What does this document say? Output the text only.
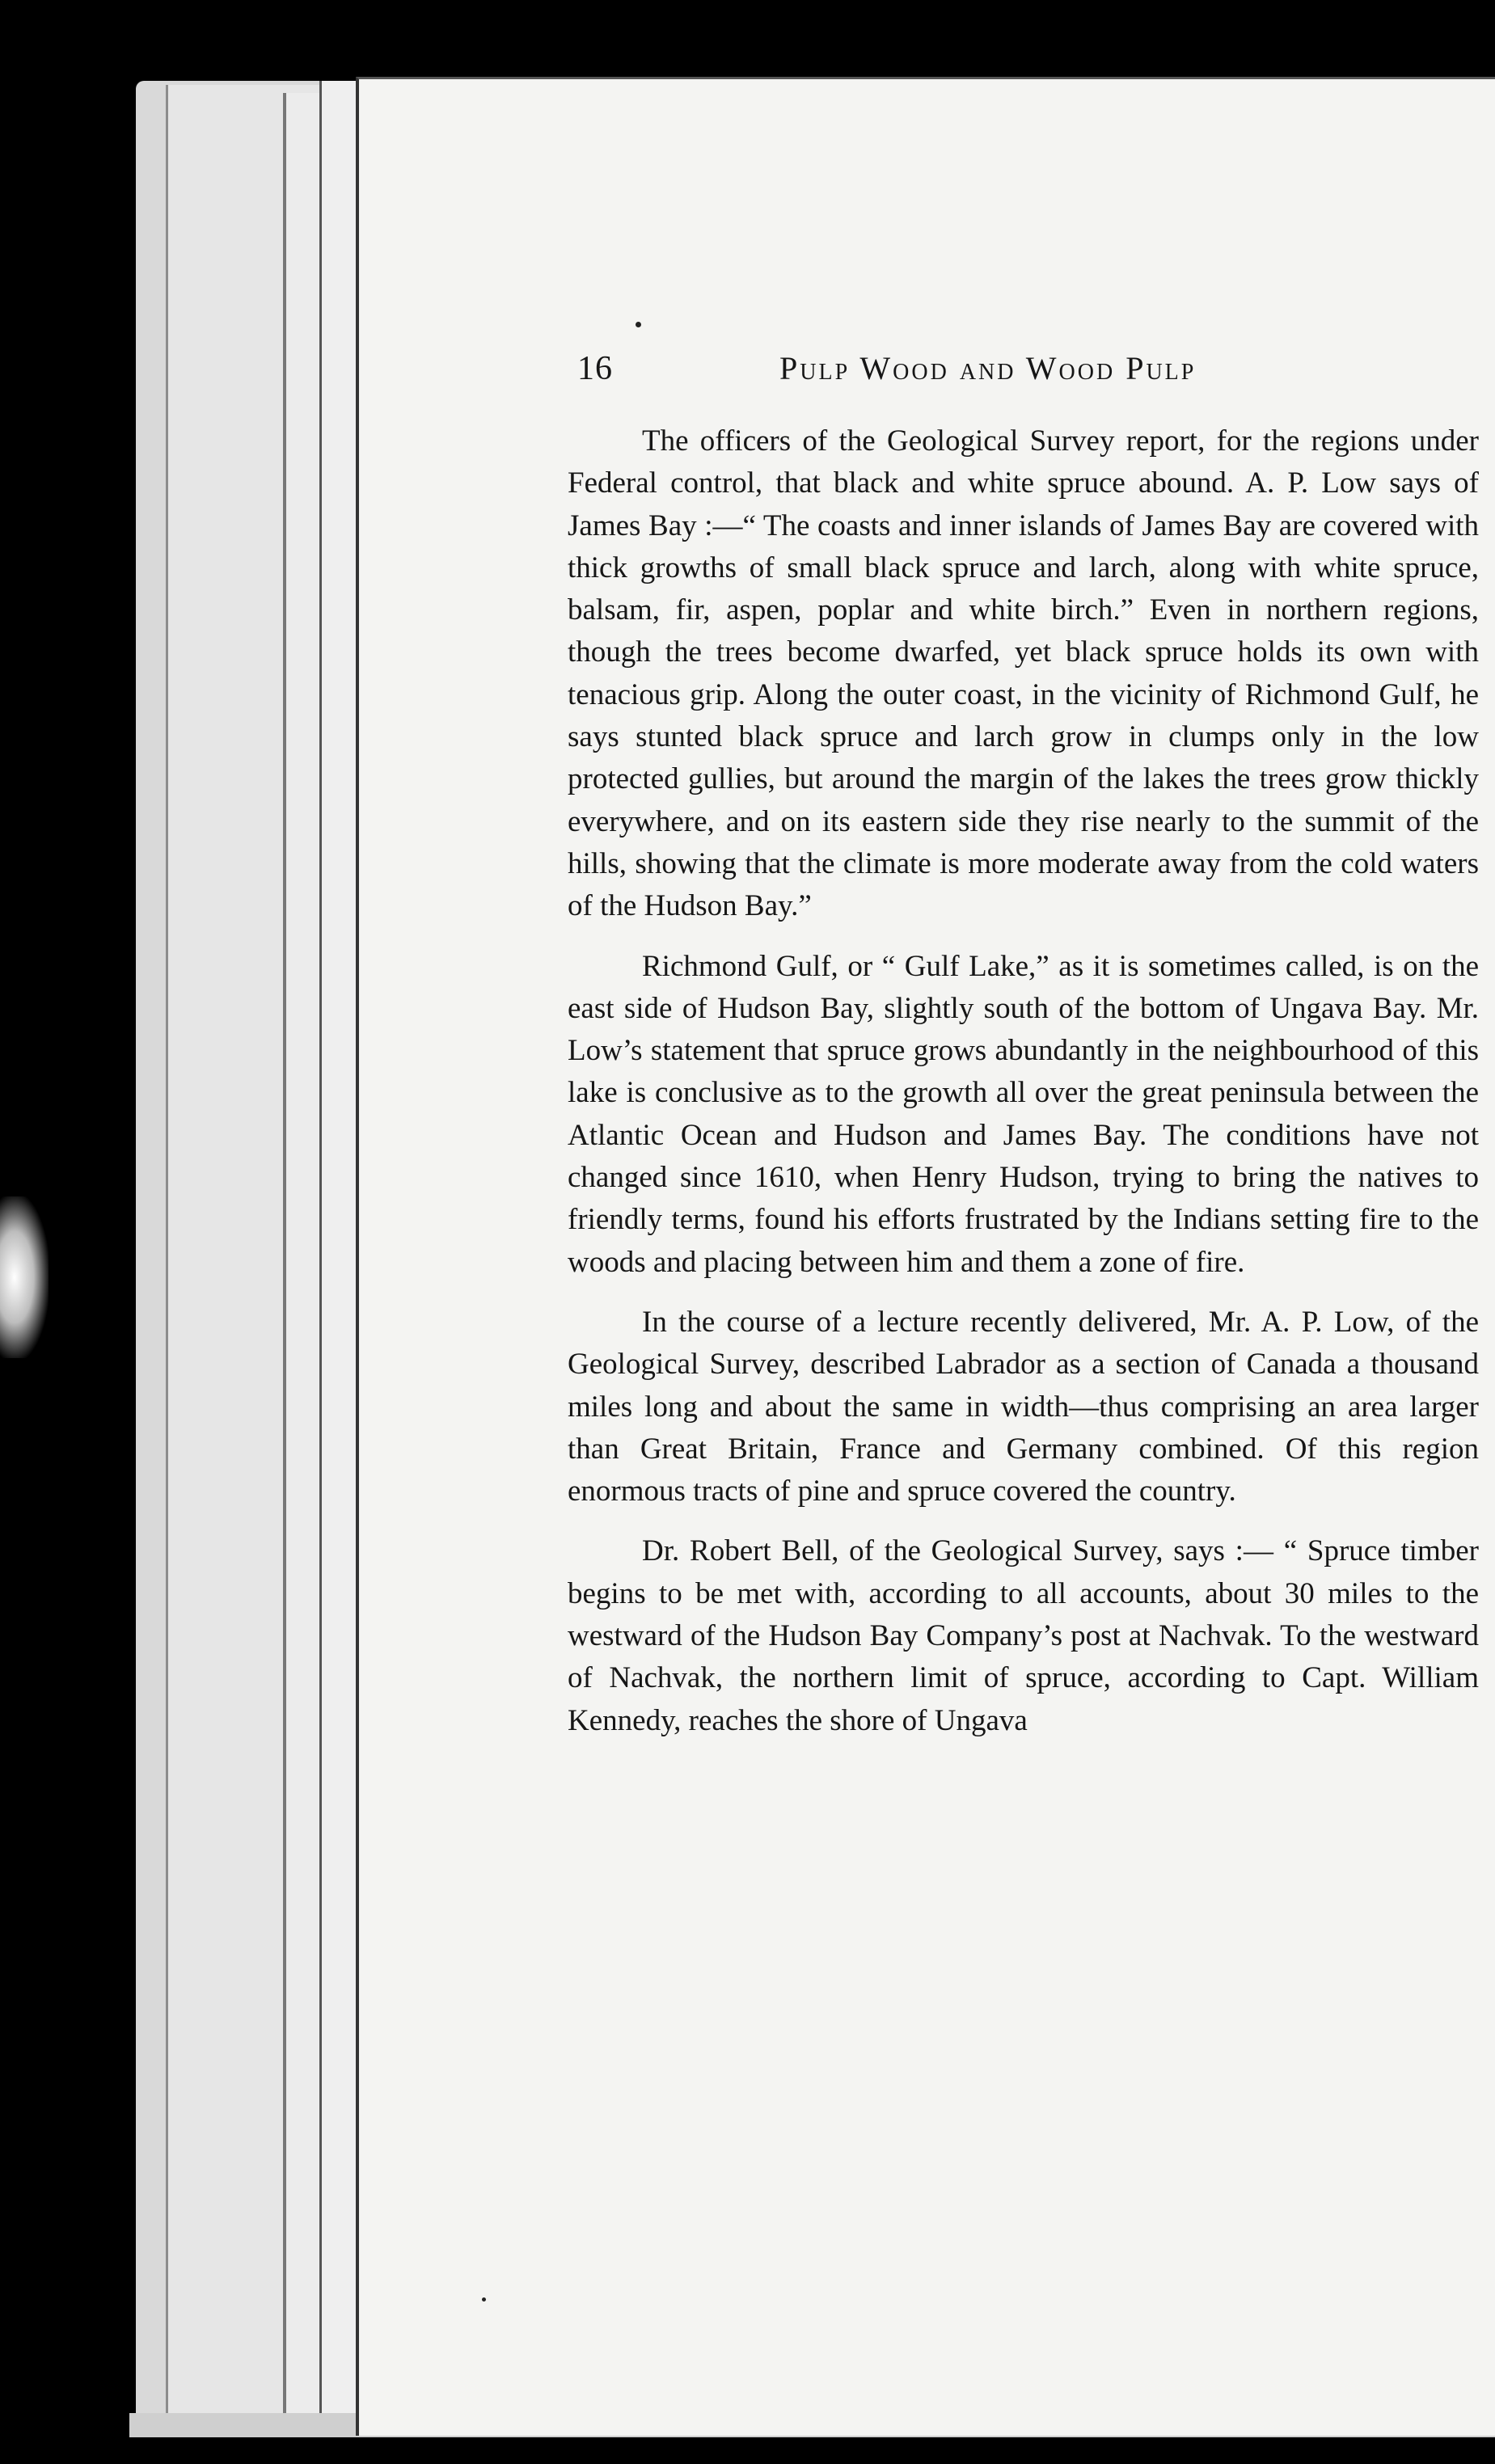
16	Pulp Wood and Wood Pulp

The officers of the Geological Survey report, for the regions under Federal control, that black and white spruce abound. A. P. Low says of James Bay :—“ The coasts and inner islands of James Bay are covered with thick growths of small black spruce and larch, along with white spruce, balsam, fir, aspen, poplar and white birch.” Even in northern regions, though the trees become dwarfed, yet black spruce holds its own with tenacious grip. Along the outer coast, in the vicinity of Richmond Gulf, he says stunted black spruce and larch grow in clumps only in the low protected gullies, but around the margin of the lakes the trees grow thickly everywhere, and on its eastern side they rise nearly to the summit of the hills, showing that the climate is more moderate away from the cold waters of the Hudson Bay.”

Richmond Gulf, or “ Gulf Lake,” as it is sometimes called, is on the east side of Hudson Bay, slightly south of the bottom of Ungava Bay. Mr. Low’s statement that spruce grows abundantly in the neighbourhood of this lake is conclusive as to the growth all over the great peninsula between the Atlantic Ocean and Hudson and James Bay. The conditions have not changed since 1610, when Henry Hudson, trying to bring the natives to friendly terms, found his efforts frustrated by the Indians setting fire to the woods and placing between him and them a zone of fire.

In the course of a lecture recently delivered, Mr. A. P. Low, of the Geological Survey, described Labrador as a section of Canada a thousand miles long and about the same in width—thus comprising an area larger than Great Britain, France and Germany combined. Of this region enormous tracts of pine and spruce covered the country.

Dr. Robert Bell, of the Geological Survey, says :— “ Spruce timber begins to be met with, according to all accounts, about 30 miles to the westward of the Hudson Bay Company’s post at Nachvak. To the westward of Nachvak, the northern limit of spruce, according to Capt. William Kennedy, reaches the shore of Ungava
